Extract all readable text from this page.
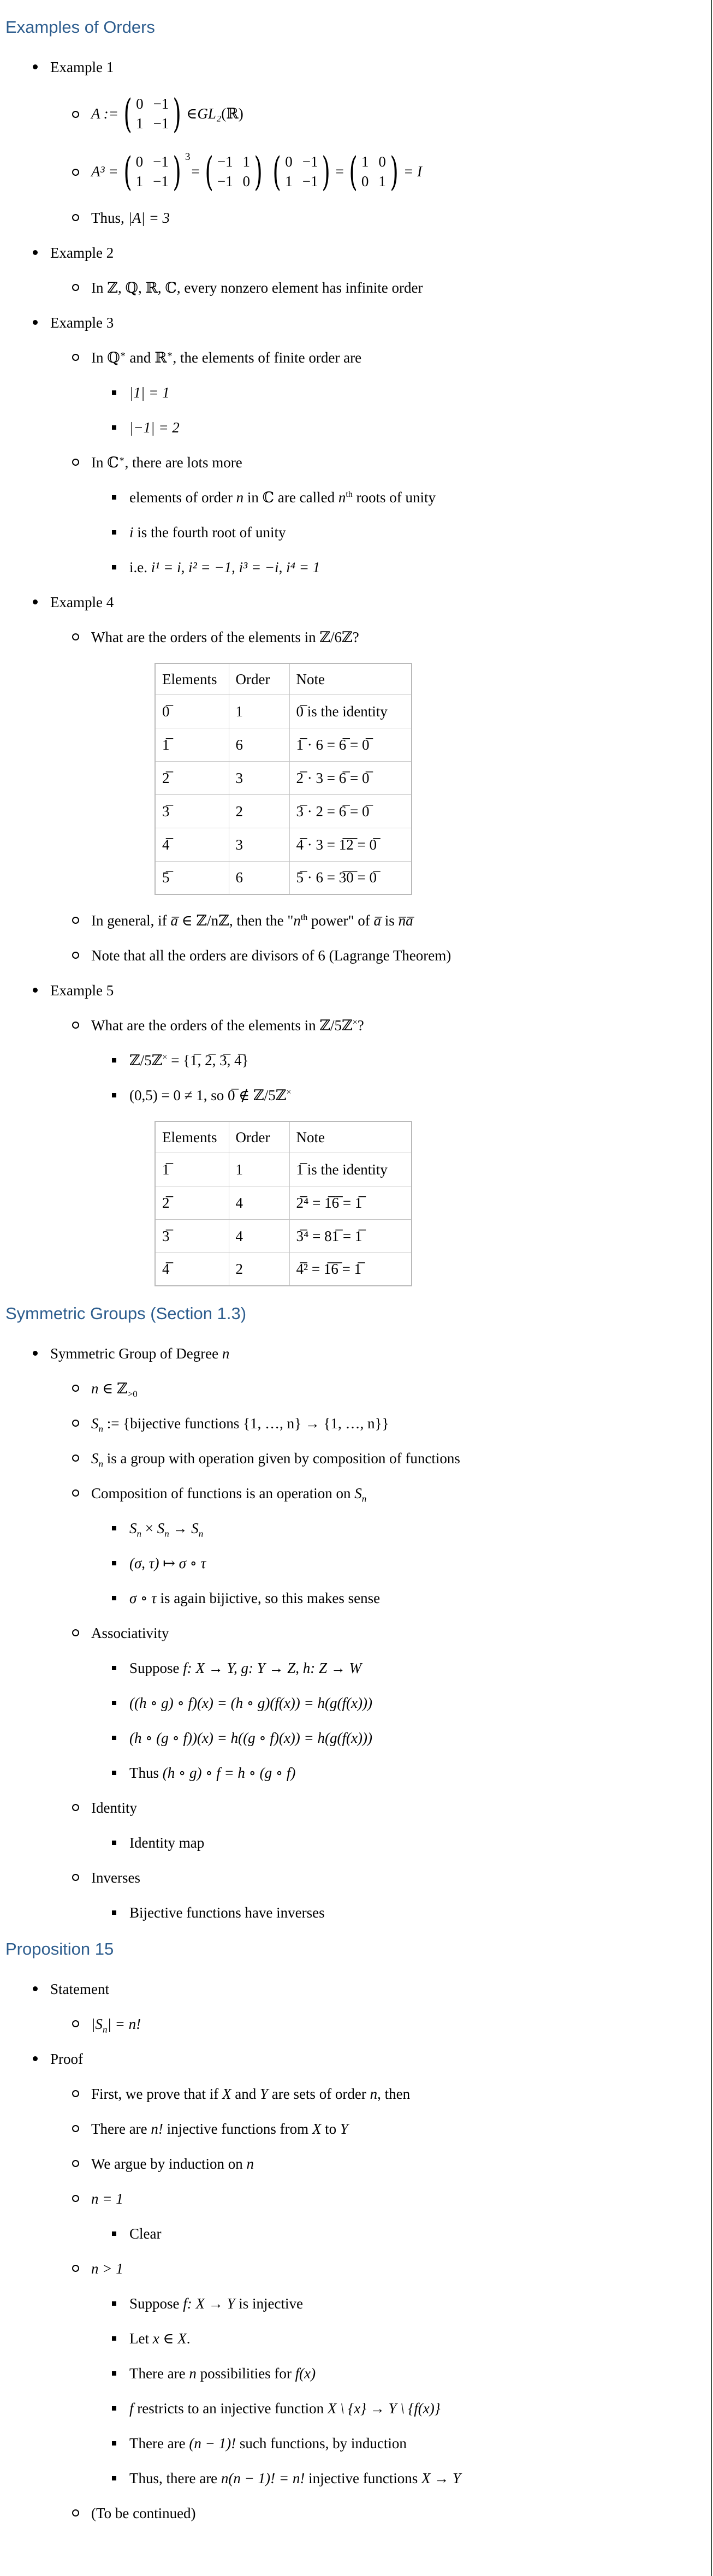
Examples of Orders
Example 1
A := ( 0 −1
1 −1 ) ∈ GL₂ (ℝ)
A³ = ( 0 −1
1 −1 ) 3
= ( −1 1
−1 0 ) ( 0 −1
1 −1 ) = ( 1 0
0 1 ) = I
Thus, |A| = 3
Example 2
In ℤ, ℚ, ℝ, ℂ, every nonzero element has infinite order
Example 3
In ℚ∗ and ℝ∗, the elements of finite order are
|1| = 1
|−1| = 2
In ℂ∗, there are lots more
elements of order n in ℂ are called $n^{th}$ roots of unity
i is the fourth root of unity
i.e. i¹ = i, i² = −1, i³ = −i, i⁴ = 1
Example 4
What are the orders of the elements in ℤ/6ℤ?
Elements	Order	Note
0̅	1	0̅ is the identity
1̅	6	1̅ · 6 = 6̅ = 0̅
2̅	3	2̅ · 3 = 6̅ = 0̅
3̅	2	3̅ · 2 = 6̅ = 0̅
4̅	3	4̅ · 3 = 1̅2̅ = 0̅
5̅	6	5̅ · 6 = 3̅0̅ = 0̅
In general, if a̅ ∈ ℤ/nℤ, then the "$n^{th}$ power" of a̅ is n̅a̅
Note that all the orders are divisors of 6 (Lagrange Theorem)
Example 5
What are the orders of the elements in ℤ/5ℤ×?
ℤ/5ℤ× = {1̅, 2̅, 3̅, 4̅}
(0,5) = 0 ≠ 1, so 0̅ ∉ ℤ/5ℤ×
Elements	Order	Note
1̅	1	1̅ is the identity
2̅	4	2̅⁴ = 1̅6̅ = 1̅
3̅	4	3̅⁴ = 81̅ = 1̅
4̅	2	4̅² = 1̅6̅ = 1̅
Symmetric Groups (Section 1.3)
Symmetric Group of Degree n
n ∈ ℤ$_{>0}$
$S_n$ := {bijective functions {1, …, n} → {1, …, n}}
$S_n$ is a group with operation given by composition of functions
Composition of functions is an operation on $S_n$
$S_n \times S_n \to S_n$
(σ, τ) ↦ σ ∘ τ
σ ∘ τ is again bijictive, so this makes sense
Associativity
Suppose f: X → Y, g: Y → Z, h: Z → W
((h ∘ g) ∘ f)(x) = (h ∘ g)(f(x)) = h(g(f(x)))
(h ∘ (g ∘ f))(x) = h((g ∘ f)(x)) = h(g(f(x)))
Thus (h ∘ g) ∘ f = h ∘ (g ∘ f)
Identity
Identity map
Inverses
Bijective functions have inverses
Proposition 15
Statement
$|S_n| = n$!
Proof
First, we prove that if X and Y are sets of order n, then
There are n! injective functions from X to Y
We argue by induction on n
n = 1
Clear
n > 1
Suppose f: X → Y is injective
Let x ∈ X.
There are n possibilities for f(x)
f restricts to an injective function X \ {x} → Y \ {f(x)}
There are (n − 1)! such functions, by induction
Thus, there are n(n − 1)! = n! injective functions X → Y
(To be continued)
